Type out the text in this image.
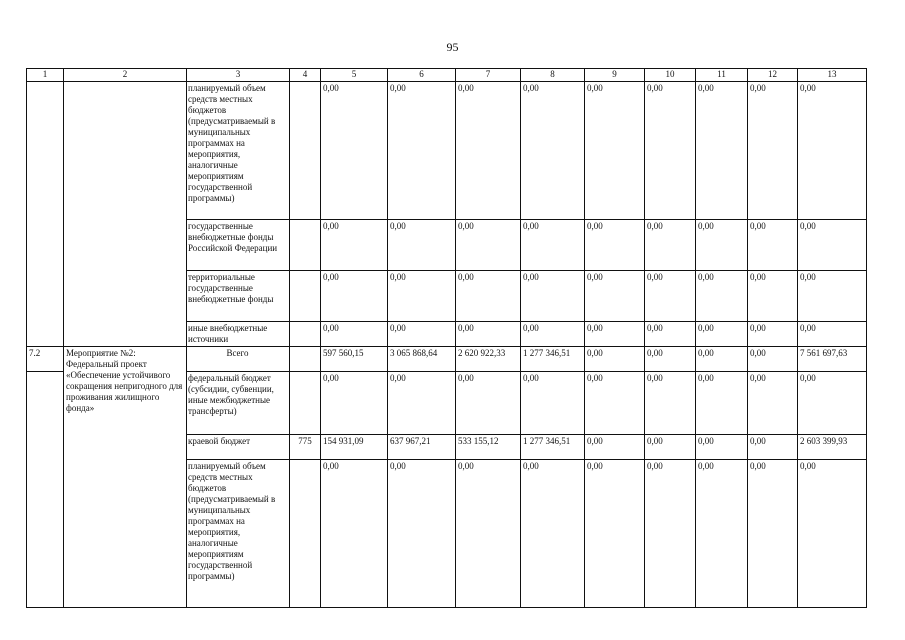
95
1	2	3	4	5	6	7	8	9	10	11	12	13
		планируемый объем средств местных бюджетов (предусматриваемый в муниципальных программах на мероприятия, аналогичные мероприятиям государственной программы)		0,00	0,00	0,00	0,00	0,00	0,00	0,00	0,00	0,00
		государственные внебюджетные фонды Российской Федерации		0,00	0,00	0,00	0,00	0,00	0,00	0,00	0,00	0,00
		территориальные государственные внебюджетные фонды		0,00	0,00	0,00	0,00	0,00	0,00	0,00	0,00	0,00
		иные внебюджетные источники		0,00	0,00	0,00	0,00	0,00	0,00	0,00	0,00	0,00
7.2	Мероприятие №2: Федеральный проект «Обеспечение устойчивого сокращения непригодного для проживания жилищного фонда»	Всего		597 560,15	3 065 868,64	2 620 922,33	1 277 346,51	0,00	0,00	0,00	0,00	7 561 697,63
		федеральный бюджет (субсидии, субвенции, иные межбюджетные трансферты)		0,00	0,00	0,00	0,00	0,00	0,00	0,00	0,00	0,00
		краевой бюджет	775	154 931,09	637 967,21	533 155,12	1 277 346,51	0,00	0,00	0,00	0,00	2 603 399,93
		планируемый объем средств местных бюджетов (предусматриваемый в муниципальных программах на мероприятия, аналогичные мероприятиям государственной программы)		0,00	0,00	0,00	0,00	0,00	0,00	0,00	0,00	0,00
